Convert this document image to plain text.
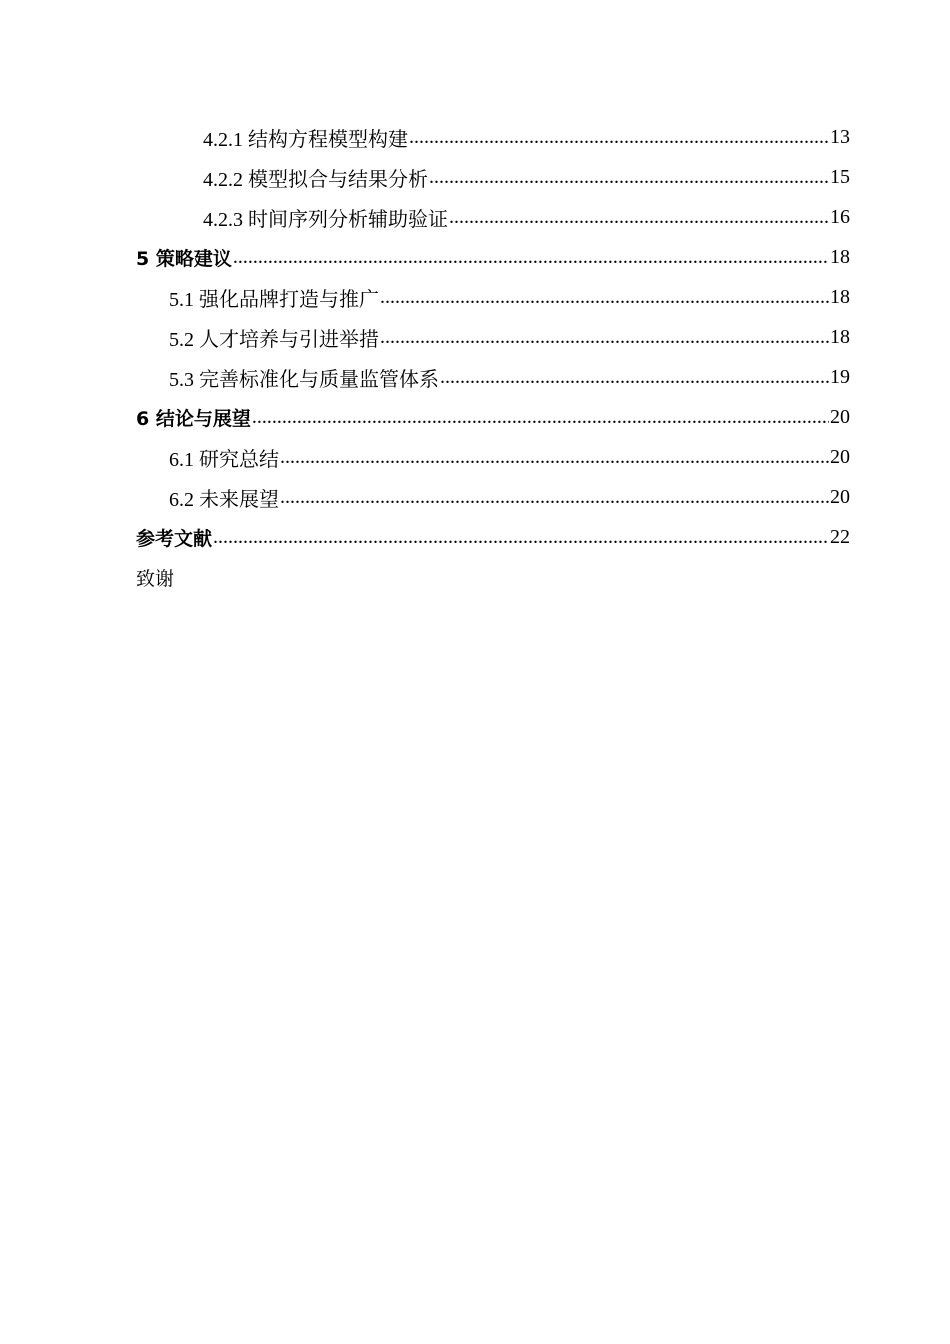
4.2.1 结构方程模型构建 .....	13
4.2.2 模型拟合与结果分析 .....	15
4.2.3 时间序列分析辅助验证 .....	16
5 策略建议 .....	18
5.1 强化品牌打造与推广 .....	18
5.2 人才培养与引进举措 .....	18
5.3 完善标准化与质量监管体系 .....	19
6 结论与展望 .....	20
6.1 研究总结 .....	20
6.2 未来展望 .....	20
参考文献 .....	22
致谢
